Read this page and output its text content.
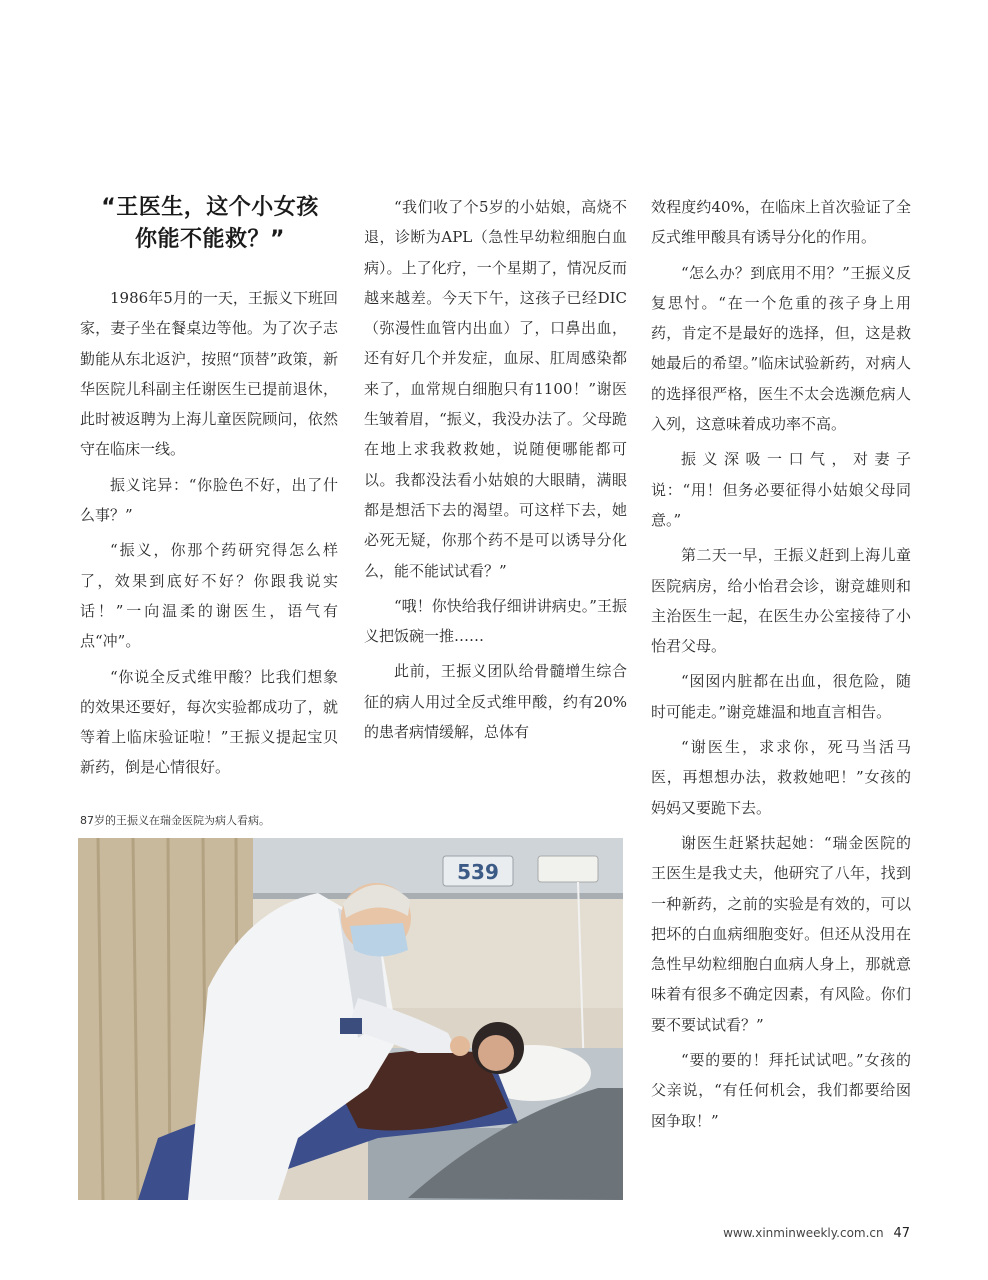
“王医生，这个小女孩
你能不能救？”

1986年5月的一天，王振义下班回家，妻子坐在餐桌边等他。为了次子志勤能从东北返沪，按照“顶替”政策，新华医院儿科副主任谢医生已提前退休，此时被返聘为上海儿童医院顾问，依然守在临床一线。

振义诧异：“你脸色不好，出了什么事？”

“振义，你那个药研究得怎么样了，效果到底好不好？你跟我说实话！”一向温柔的谢医生，语气有点“冲”。

“你说全反式维甲酸？比我们想象的效果还要好，每次实验都成功了，就等着上临床验证啦！”王振义提起宝贝新药，倒是心情很好。

“我们收了个5岁的小姑娘，高烧不退，诊断为APL（急性早幼粒细胞白血病）。上了化疗，一个星期了，情况反而越来越差。今天下午，这孩子已经DIC（弥漫性血管内出血）了，口鼻出血，还有好几个并发症，血尿、肛周感染都来了，血常规白细胞只有1100！”谢医生皱着眉，“振义，我没办法了。父母跪在地上求我救救她，说随便哪能都可以。我都没法看小姑娘的大眼睛，满眼都是想活下去的渴望。可这样下去，她必死无疑，你那个药不是可以诱导分化么，能不能试试看？”

“哦！你快给我仔细讲讲病史。”王振义把饭碗一推……

此前，王振义团队给骨髓增生综合征的病人用过全反式维甲酸，约有20%的患者病情缓解，总体有

效程度约40%，在临床上首次验证了全反式维甲酸具有诱导分化的作用。

“怎么办？到底用不用？”王振义反复思忖。“在一个危重的孩子身上用药，肯定不是最好的选择，但，这是救她最后的希望。”临床试验新药，对病人的选择很严格，医生不太会选濒危病人入列，这意味着成功率不高。

振义深吸一口气，对妻子说：“用！但务必要征得小姑娘父母同意。”

第二天一早，王振义赶到上海儿童医院病房，给小怡君会诊，谢竞雄则和主治医生一起，在医生办公室接待了小怡君父母。

“囡囡内脏都在出血，很危险，随时可能走。”谢竞雄温和地直言相告。

“谢医生，求求你，死马当活马医，再想想办法，救救她吧！”女孩的妈妈又要跪下去。

谢医生赶紧扶起她：“瑞金医院的王医生是我丈夫，他研究了八年，找到一种新药，之前的实验是有效的，可以把坏的白血病细胞变好。但还从没用在急性早幼粒细胞白血病人身上，那就意味着有很多不确定因素，有风险。你们要不要试试看？”

“要的要的！拜托试试吧。”女孩的父亲说，“有任何机会，我们都要给囡囡争取！”

87岁的王振义在瑞金医院为病人看病。
539
www.xinminweekly.com.cn 47
